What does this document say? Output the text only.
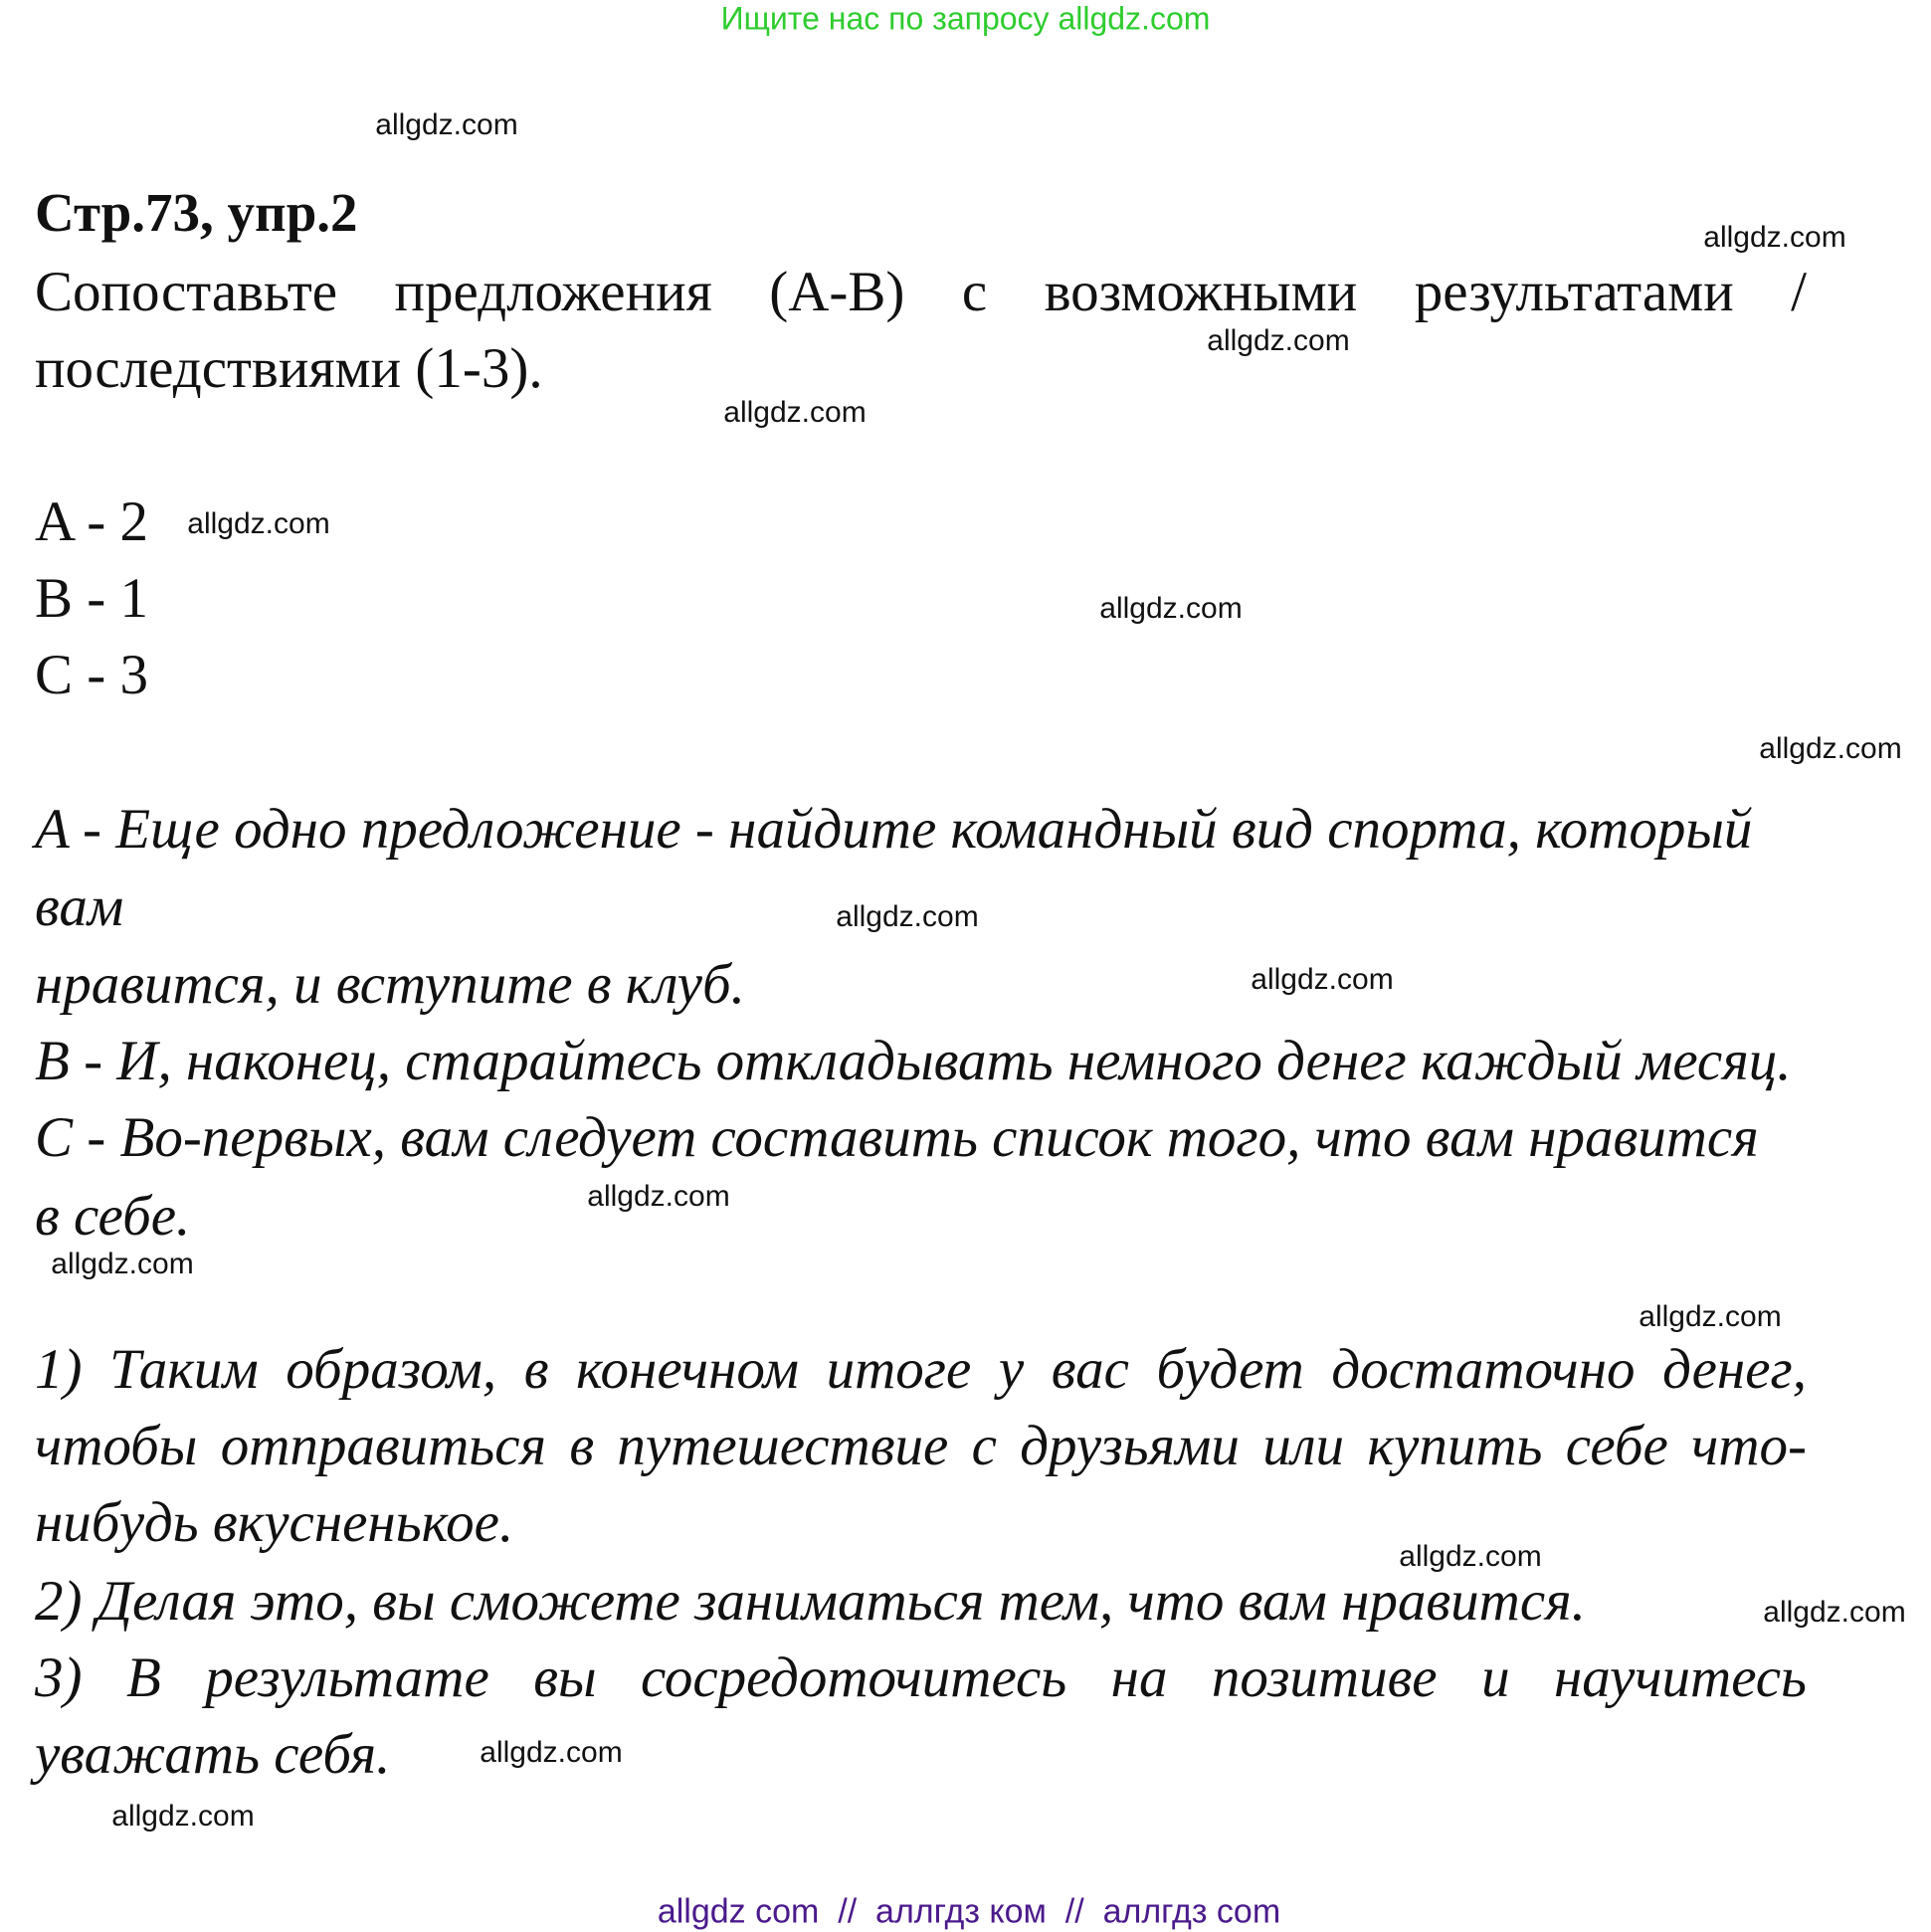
Ищите нас по запросу allgdz.com
Стр.73, упр.2
Сопоставьте предложения (A-B) с возможными результатами /
последствиями (1-3).
A - 2
B - 1
C - 3
A - Еще одно предложение - найдите командный вид спорта, который
вам
нравится, и вступите в клуб.
B - И, наконец, старайтесь откладывать немного денег каждый месяц.
C - Во-первых, вам следует составить список того, что вам нравится
в себе.
1) Таким образом, в конечном итоге у вас будет достаточно денег,
чтобы отправиться в путешествие с друзьями или купить себе что-
нибудь вкусненькое.
2) Делая это, вы сможете заниматься тем, что вам нравится.
3) В результате вы сосредоточитесь на позитиве и научитесь
уважать себя.
allgdz.com
allgdz.com
allgdz.com
allgdz.com
allgdz.com
allgdz.com
allgdz.com
allgdz.com
allgdz.com
allgdz.com
allgdz.com
allgdz.com
allgdz.com
allgdz.com
allgdz.com
allgdz.com
allgdz com  //  аллгдз ком  //  аллгдз com
